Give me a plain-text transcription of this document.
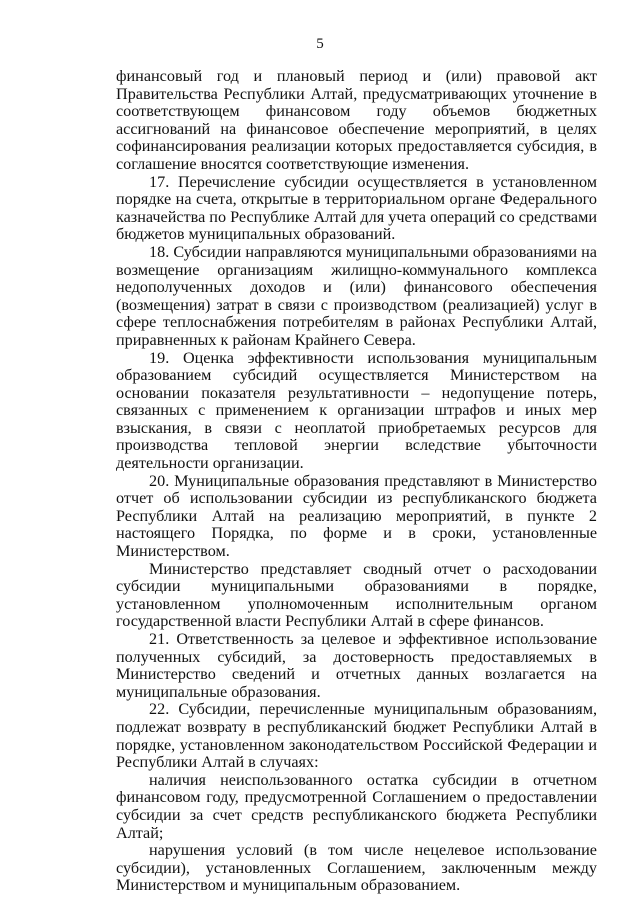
5

финансовый год и плановый период и (или) правовой акт Правительства Республики Алтай, предусматривающих уточнение в соответствующем финансовом году объемов бюджетных ассигнований на финансовое обеспечение мероприятий, в целях софинансирования реализации которых предоставляется субсидия, в соглашение вносятся соответствующие изменения.

17. Перечисление субсидии осуществляется в установленном порядке на счета, открытые в территориальном органе Федерального казначейства по Республике Алтай для учета операций со средствами бюджетов муниципальных образований.

18. Субсидии направляются муниципальными образованиями на возмещение организациям жилищно-коммунального комплекса недополученных доходов и (или) финансового обеспечения (возмещения) затрат в связи с производством (реализацией) услуг в сфере теплоснабжения потребителям в районах Республики Алтай, приравненных к районам Крайнего Севера.

19. Оценка эффективности использования муниципальным образованием субсидий осуществляется Министерством на основании показателя результативности – недопущение потерь, связанных с применением к организации штрафов и иных мер взыскания, в связи с неоплатой приобретаемых ресурсов для производства тепловой энергии вследствие убыточности деятельности организации.

20. Муниципальные образования представляют в Министерство отчет об использовании субсидии из республиканского бюджета Республики Алтай на реализацию мероприятий, в пункте 2 настоящего Порядка, по форме и в сроки, установленные Министерством.

Министерство представляет сводный отчет о расходовании субсидии муниципальными образованиями в порядке, установленном уполномоченным исполнительным органом государственной власти Республики Алтай в сфере финансов.

21. Ответственность за целевое и эффективное использование полученных субсидий, за достоверность предоставляемых в Министерство сведений и отчетных данных возлагается на муниципальные образования.

22. Субсидии, перечисленные муниципальным образованиям, подлежат возврату в республиканский бюджет Республики Алтай в порядке, установленном законодательством Российской Федерации и Республики Алтай в случаях:

наличия неиспользованного остатка субсидии в отчетном финансовом году, предусмотренной Соглашением о предоставлении субсидии за счет средств республиканского бюджета Республики Алтай;

нарушения условий (в том числе нецелевое использование субсидии), установленных Соглашением, заключенным между Министерством и муниципальным образованием.
